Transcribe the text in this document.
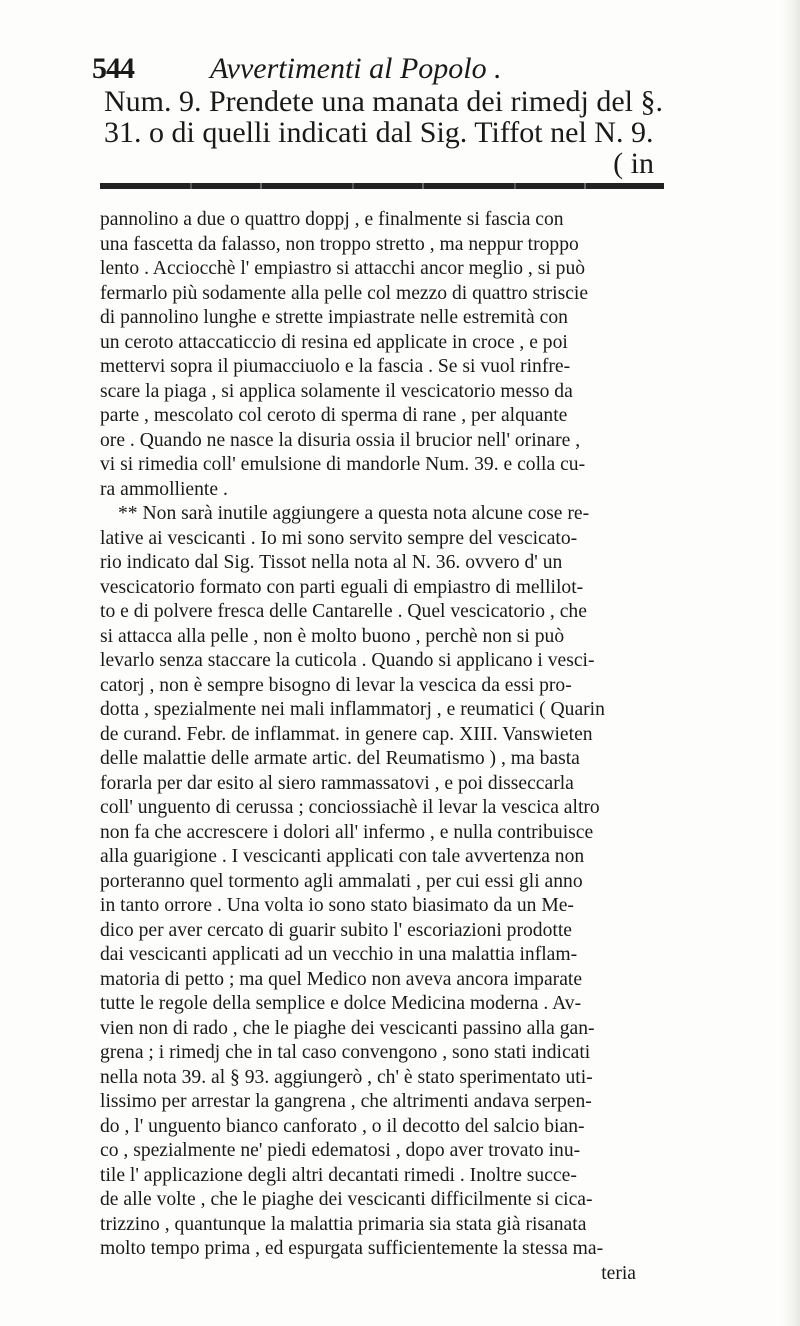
544	Avvertimenti al Popolo .
Num. 9. Prendete una manata dei rimedj del §.
31. o di quelli indicati dal Sig. Tiffot nel N. 9.
( in
pannolino a due o quattro doppj , e finalmente si fascia con
una fascetta da falasso, non troppo stretto , ma neppur troppo
lento . Acciocchè l' empiastro si attacchi ancor meglio , si può
fermarlo più sodamente alla pelle col mezzo di quattro striscie
di pannolino lunghe e strette impiastrate nelle estremità con
un ceroto attaccaticcio di resina ed applicate in croce , e poi
mettervi sopra il piumacciuolo e la fascia . Se si vuol rinfre-
scare la piaga , si applica solamente il vescicatorio messo da
parte , mescolato col ceroto di sperma di rane , per alquante
ore . Quando ne nasce la disuria ossia il brucior nell' orinare ,
vi si rimedia coll' emulsione di mandorle Num. 39. e colla cu-
ra ammolliente .
** Non sarà inutile aggiungere a questa nota alcune cose re-
lative ai vescicanti . Io mi sono servito sempre del vescicato-
rio indicato dal Sig. Tissot nella nota al N. 36. ovvero d' un
vescicatorio formato con parti eguali di empiastro di mellilot-
to e di polvere fresca delle Cantarelle . Quel vescicatorio , che
si attacca alla pelle , non è molto buono , perchè non si può
levarlo senza staccare la cuticola . Quando si applicano i vesci-
catorj , non è sempre bisogno di levar la vescica da essi pro-
dotta , spezialmente nei mali inflammatorj , e reumatici ( Quarin
de curand. Febr. de inflammat. in genere cap. XIII. Vanswieten
delle malattie delle armate artic. del Reumatismo ) , ma basta
forarla per dar esito al siero rammassatovi , e poi disseccarla
coll' unguento di cerussa ; conciossiachè il levar la vescica altro
non fa che accrescere i dolori all' infermo , e nulla contribuisce
alla guarigione . I vescicanti applicati con tale avvertenza non
porteranno quel tormento agli ammalati , per cui essi gli anno
in tanto orrore . Una volta io sono stato biasimato da un Me-
dico per aver cercato di guarir subito l' escoriazioni prodotte
dai vescicanti applicati ad un vecchio in una malattia inflam-
matoria di petto ; ma quel Medico non aveva ancora imparate
tutte le regole della semplice e dolce Medicina moderna . Av-
vien non di rado , che le piaghe dei vescicanti passino alla gan-
grena ; i rimedj che in tal caso convengono , sono stati indicati
nella nota 39. al § 93. aggiungerò , ch' è stato sperimentato uti-
lissimo per arrestar la gangrena , che altrimenti andava serpen-
do , l' unguento bianco canforato , o il decotto del salcio bian-
co , spezialmente ne' piedi edematosi , dopo aver trovato inu-
tile l' applicazione degli altri decantati rimedi . Inoltre succe-
de alle volte , che le piaghe dei vescicanti difficilmente si cica-
trizzino , quantunque la malattia primaria sia stata già risanata
molto tempo prima , ed espurgata sufficientemente la stessa ma-
teria
